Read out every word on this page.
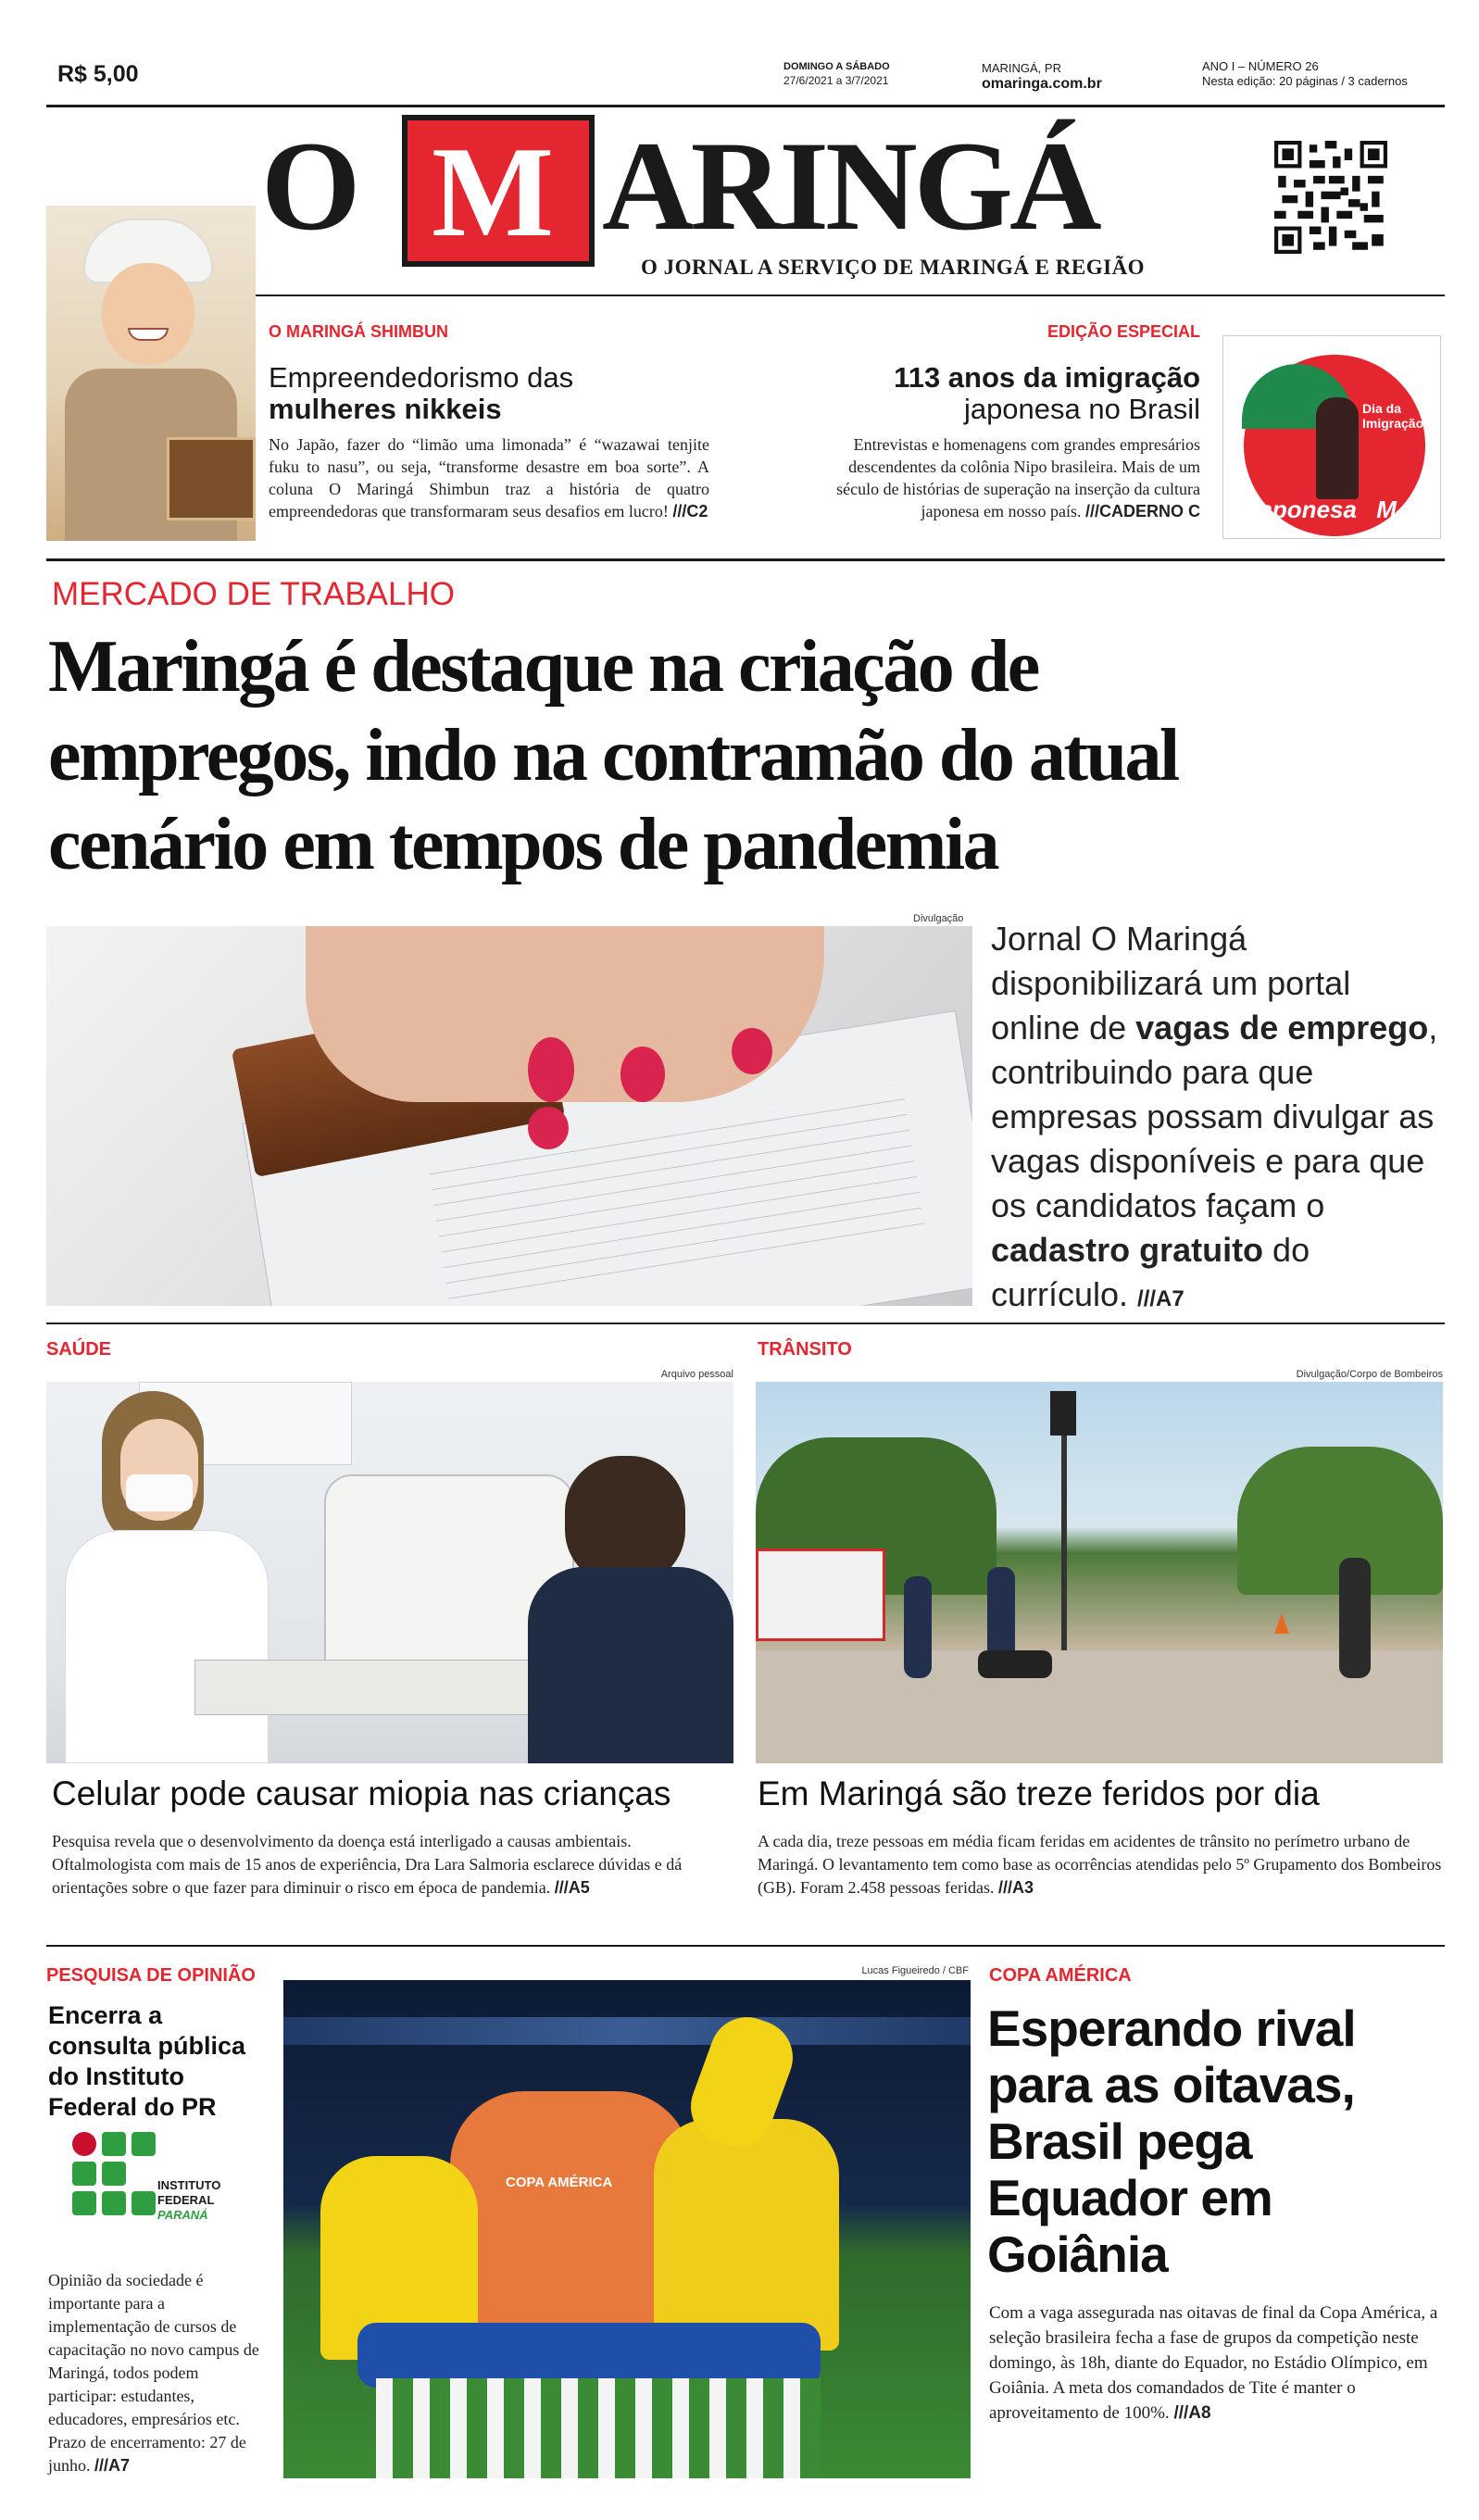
R$ 5,00	DOMINGO A SÁBADO
27/6/2021 a 3/7/2021
MARINGÁ, PR
omaringa.com.br
ANO I – NÚMERO 26
Nesta edição: 20 páginas / 3 cadernos
O M ARINGÁ
O JORNAL A SERVIÇO DE MARINGÁ E REGIÃO
O MARINGÁ SHIMBUN
Empreendedorismo das
mulheres nikkeis
No Japão, fazer do “limão uma limonada” é “wazawai tenjite fuku to nasu”, ou seja, “transforme desastre em boa sorte”. A coluna O Maringá Shimbun traz a história de quatro empreendedoras que transformaram seus desafios em lucro! ///C2
EDIÇÃO ESPECIAL
113 anos da imigração
japonesa no Brasil
Entrevistas e homenagens com grandes empresários descendentes da colônia Nipo brasileira. Mais de um século de histórias de superação na inserção da cultura japonesa em nosso país. ///CADERNO C
Dia da Imigração
Japonesa M
MERCADO DE TRABALHO
Maringá é destaque na criação de
empregos, indo na contramão do atual
cenário em tempos de pandemia
Divulgação
Jornal O Maringá disponibilizará um portal online de vagas de emprego, contribuindo para que empresas possam divulgar as vagas disponíveis e para que os candidatos façam o cadastro gratuito do currículo. ///A7
SAÚDE
Arquivo pessoal
Celular pode causar miopia nas crianças
Pesquisa revela que o desenvolvimento da doença está interligado a causas ambientais. Oftalmologista com mais de 15 anos de experiência, Dra Lara Salmoria esclarece dúvidas e dá orientações sobre o que fazer para diminuir o risco em época de pandemia. ///A5
TRÂNSITO
Divulgação/Corpo de Bombeiros
Em Maringá são treze feridos por dia
A cada dia, treze pessoas em média ficam feridas em acidentes de trânsito no perímetro urbano de Maringá. O levantamento tem como base as ocorrências atendidas pelo 5º Grupamento dos Bombeiros (GB). Foram 2.458 pessoas feridas. ///A3
PESQUISA DE OPINIÃO
Encerra a consulta pública do Instituto Federal do PR
INSTITUTO
FEDERAL
PARANÁ
Opinião da sociedade é importante para a implementação de cursos de capacitação no novo campus de Maringá, todos podem participar: estudantes, educadores, empresários etc. Prazo de encerramento: 27 de junho. ///A7
Lucas Figueiredo / CBF
COPA AMÉRICA
COPA AMÉRICA
Esperando rival para as oitavas, Brasil pega Equador em Goiânia
Com a vaga assegurada nas oitavas de final da Copa América, a seleção brasileira fecha a fase de grupos da competição neste domingo, às 18h, diante do Equador, no Estádio Olímpico, em Goiânia. A meta dos comandados de Tite é manter o aproveitamento de 100%. ///A8
